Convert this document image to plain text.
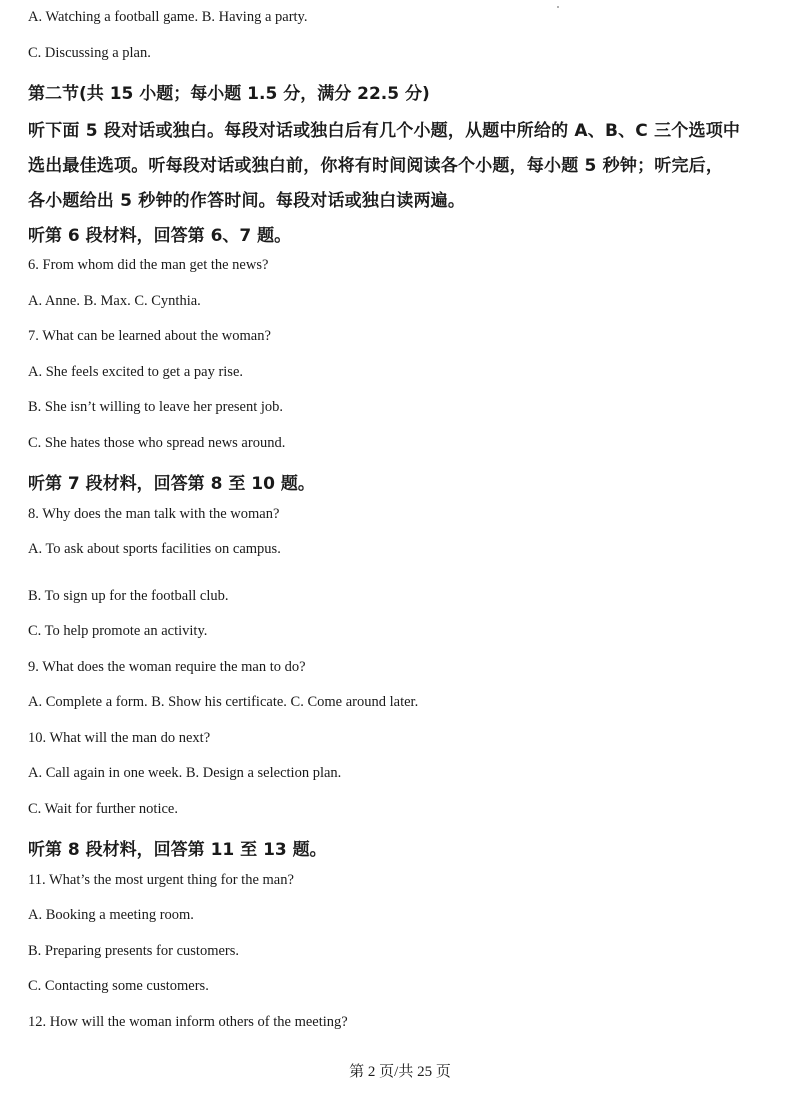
A. Watching a football game. B. Having a party.
C. Discussing a plan.
第二节(共 15 小题；每小题 1.5 分，满分 22.5 分)
听下面 5 段对话或独白。每段对话或独白后有几个小题，从题中所给的 A、B、C 三个选项中
选出最佳选项。听每段对话或独白前，你将有时间阅读各个小题，每小题 5 秒钟；听完后，
各小题给出 5 秒钟的作答时间。每段对话或独白读两遍。
听第 6 段材料，回答第 6、7 题。
6. From whom did the man get the news?
A. Anne. B. Max. C. Cynthia.
7. What can be learned about the woman?
A. She feels excited to get a pay rise.
B. She isn’t willing to leave her present job.
C. She hates those who spread news around.
听第 7 段材料，回答第 8 至 10 题。
8. Why does the man talk with the woman?
A. To ask about sports facilities on campus.
B. To sign up for the football club.
C. To help promote an activity.
9. What does the woman require the man to do?
A. Complete a form. B. Show his certificate. C. Come around later.
10. What will the man do next?
A. Call again in one week. B. Design a selection plan.
C. Wait for further notice.
听第 8 段材料，回答第 11 至 13 题。
11. What’s the most urgent thing for the man?
A. Booking a meeting room.
B. Preparing presents for customers.
C. Contacting some customers.
12. How will the woman inform others of the meeting?
第 2 页/共 25 页
